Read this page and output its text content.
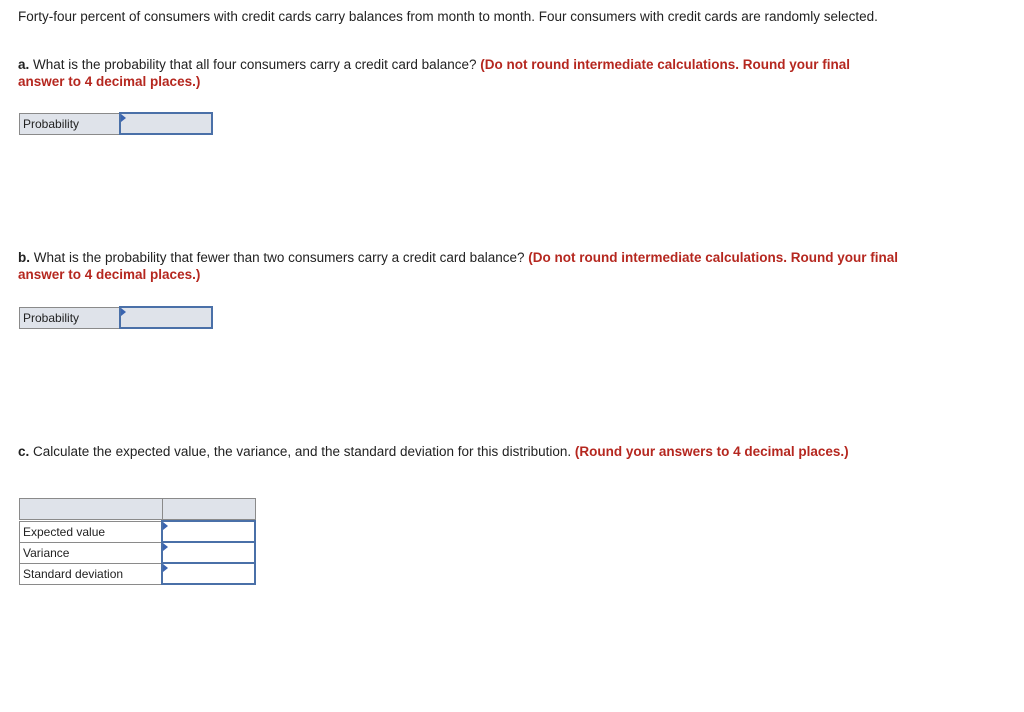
Forty-four percent of consumers with credit cards carry balances from month to month. Four consumers with credit cards are randomly selected.

a. What is the probability that all four consumers carry a credit card balance? (Do not round intermediate calculations. Round your final answer to 4 decimal places.)

Probability	

b. What is the probability that fewer than two consumers carry a credit card balance? (Do not round intermediate calculations. Round your final answer to 4 decimal places.)

Probability	

c. Calculate the expected value, the variance, and the standard deviation for this distribution. (Round your answers to 4 decimal places.)

Expected value	

Variance	

Standard deviation	
